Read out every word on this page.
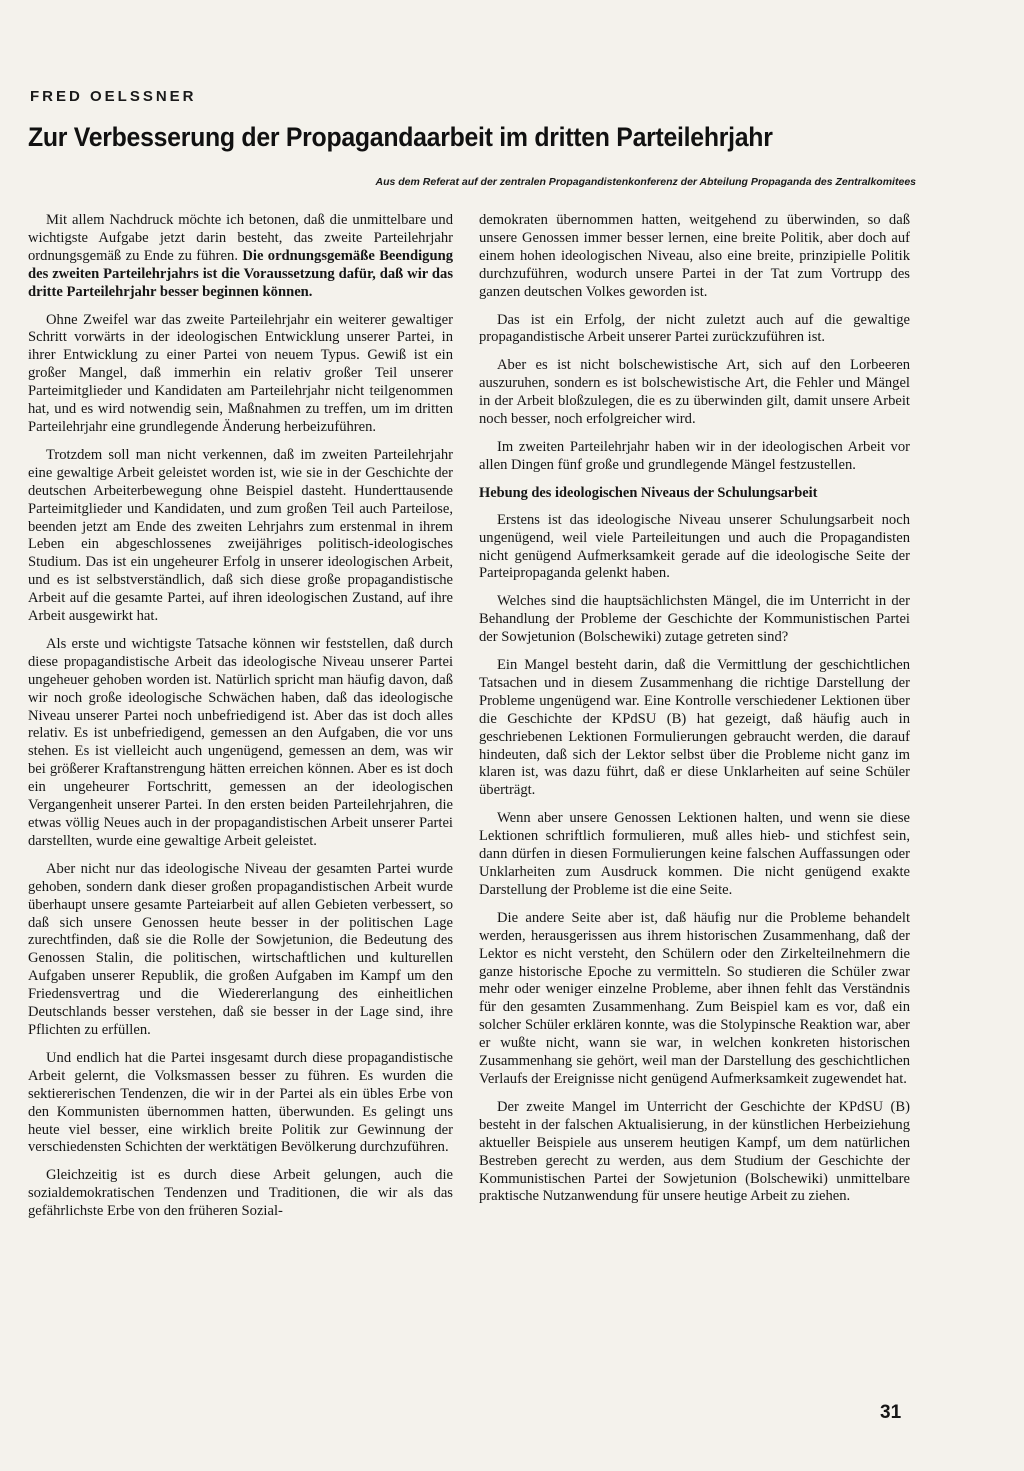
FRED OELSSNER
Zur Verbesserung der Propagandaarbeit im dritten Parteilehrjahr
Aus dem Referat auf der zentralen Propagandistenkonferenz der Abteilung Propaganda des Zentralkomitees

Mit allem Nachdruck möchte ich betonen, daß die unmittelbare und wichtigste Aufgabe jetzt darin besteht, das zweite Parteilehrjahr ordnungsgemäß zu Ende zu führen. Die ordnungsgemäße Beendigung des zweiten Parteilehrjahrs ist die Voraussetzung dafür, daß wir das dritte Parteilehrjahr besser beginnen können.

Ohne Zweifel war das zweite Parteilehrjahr ein weiterer gewaltiger Schritt vorwärts in der ideologischen Entwicklung unserer Partei, in ihrer Entwicklung zu einer Partei von neuem Typus. Gewiß ist ein großer Mangel, daß immerhin ein relativ großer Teil unserer Parteimitglieder und Kandidaten am Parteilehrjahr nicht teilgenommen hat, und es wird notwendig sein, Maßnahmen zu treffen, um im dritten Parteilehrjahr eine grundlegende Änderung herbeizuführen.

Trotzdem soll man nicht verkennen, daß im zweiten Parteilehrjahr eine gewaltige Arbeit geleistet worden ist, wie sie in der Geschichte der deutschen Arbeiterbewegung ohne Beispiel dasteht. Hunderttausende Parteimitglieder und Kandidaten, und zum großen Teil auch Parteilose, beenden jetzt am Ende des zweiten Lehrjahrs zum erstenmal in ihrem Leben ein abgeschlossenes zweijähriges politisch-ideologisches Studium. Das ist ein ungeheurer Erfolg in unserer ideologischen Arbeit, und es ist selbstverständlich, daß sich diese große propagandistische Arbeit auf die gesamte Partei, auf ihren ideologischen Zustand, auf ihre Arbeit ausgewirkt hat.

Als erste und wichtigste Tatsache können wir feststellen, daß durch diese propagandistische Arbeit das ideologische Niveau unserer Partei ungeheuer gehoben worden ist. Natürlich spricht man häufig davon, daß wir noch große ideologische Schwächen haben, daß das ideologische Niveau unserer Partei noch unbefriedigend ist. Aber das ist doch alles relativ. Es ist unbefriedigend, gemessen an den Aufgaben, die vor uns stehen. Es ist vielleicht auch ungenügend, gemessen an dem, was wir bei größerer Kraftanstrengung hätten erreichen können. Aber es ist doch ein ungeheurer Fortschritt, gemessen an der ideologischen Vergangenheit unserer Partei. In den ersten beiden Parteilehrjahren, die etwas völlig Neues auch in der propagandistischen Arbeit unserer Partei darstellten, wurde eine gewaltige Arbeit geleistet.

Aber nicht nur das ideologische Niveau der gesamten Partei wurde gehoben, sondern dank dieser großen propagandistischen Arbeit wurde überhaupt unsere gesamte Parteiarbeit auf allen Gebieten verbessert, so daß sich unsere Genossen heute besser in der politischen Lage zurechtfinden, daß sie die Rolle der Sowjetunion, die Bedeutung des Genossen Stalin, die politischen, wirtschaftlichen und kulturellen Aufgaben unserer Republik, die großen Aufgaben im Kampf um den Friedensvertrag und die Wiedererlangung des einheitlichen Deutschlands besser verstehen, daß sie besser in der Lage sind, ihre Pflichten zu erfüllen.

Und endlich hat die Partei insgesamt durch diese propagandistische Arbeit gelernt, die Volksmassen besser zu führen. Es wurden die sektiererischen Tendenzen, die wir in der Partei als ein übles Erbe von den Kommunisten übernommen hatten, überwunden. Es gelingt uns heute viel besser, eine wirklich breite Politik zur Gewinnung der verschiedensten Schichten der werktätigen Bevölkerung durchzuführen.

Gleichzeitig ist es durch diese Arbeit gelungen, auch die sozialdemokratischen Tendenzen und Traditionen, die wir als das gefährlichste Erbe von den früheren Sozial-

demokraten übernommen hatten, weitgehend zu überwinden, so daß unsere Genossen immer besser lernen, eine breite Politik, aber doch auf einem hohen ideologischen Niveau, also eine breite, prinzipielle Politik durchzuführen, wodurch unsere Partei in der Tat zum Vortrupp des ganzen deutschen Volkes geworden ist.

Das ist ein Erfolg, der nicht zuletzt auch auf die gewaltige propagandistische Arbeit unserer Partei zurückzuführen ist.

Aber es ist nicht bolschewistische Art, sich auf den Lorbeeren auszuruhen, sondern es ist bolschewistische Art, die Fehler und Mängel in der Arbeit bloßzulegen, die es zu überwinden gilt, damit unsere Arbeit noch besser, noch erfolgreicher wird.

Im zweiten Parteilehrjahr haben wir in der ideologischen Arbeit vor allen Dingen fünf große und grundlegende Mängel festzustellen.

Hebung des ideologischen Niveaus der Schulungsarbeit

Erstens ist das ideologische Niveau unserer Schulungsarbeit noch ungenügend, weil viele Parteileitungen und auch die Propagandisten nicht genügend Aufmerksamkeit gerade auf die ideologische Seite der Parteipropaganda gelenkt haben.

Welches sind die hauptsächlichsten Mängel, die im Unterricht in der Behandlung der Probleme der Geschichte der Kommunistischen Partei der Sowjetunion (Bolschewiki) zutage getreten sind?

Ein Mangel besteht darin, daß die Vermittlung der geschichtlichen Tatsachen und in diesem Zusammenhang die richtige Darstellung der Probleme ungenügend war. Eine Kontrolle verschiedener Lektionen über die Geschichte der KPdSU (B) hat gezeigt, daß häufig auch in geschriebenen Lektionen Formulierungen gebraucht werden, die darauf hindeuten, daß sich der Lektor selbst über die Probleme nicht ganz im klaren ist, was dazu führt, daß er diese Unklarheiten auf seine Schüler überträgt.

Wenn aber unsere Genossen Lektionen halten, und wenn sie diese Lektionen schriftlich formulieren, muß alles hieb- und stichfest sein, dann dürfen in diesen Formulierungen keine falschen Auffassungen oder Unklarheiten zum Ausdruck kommen. Die nicht genügend exakte Darstellung der Probleme ist die eine Seite.

Die andere Seite aber ist, daß häufig nur die Probleme behandelt werden, herausgerissen aus ihrem historischen Zusammenhang, daß der Lektor es nicht versteht, den Schülern oder den Zirkelteilnehmern die ganze historische Epoche zu vermitteln. So studieren die Schüler zwar mehr oder weniger einzelne Probleme, aber ihnen fehlt das Verständnis für den gesamten Zusammenhang. Zum Beispiel kam es vor, daß ein solcher Schüler erklären konnte, was die Stolypinsche Reaktion war, aber er wußte nicht, wann sie war, in welchen konkreten historischen Zusammenhang sie gehört, weil man der Darstellung des geschichtlichen Verlaufs der Ereignisse nicht genügend Aufmerksamkeit zugewendet hat.

Der zweite Mangel im Unterricht der Geschichte der KPdSU (B) besteht in der falschen Aktualisierung, in der künstlichen Herbeiziehung aktueller Beispiele aus unserem heutigen Kampf, um dem natürlichen Bestreben gerecht zu werden, aus dem Studium der Geschichte der Kommunistischen Partei der Sowjetunion (Bolschewiki) unmittelbare praktische Nutzanwendung für unsere heutige Arbeit zu ziehen.

31
